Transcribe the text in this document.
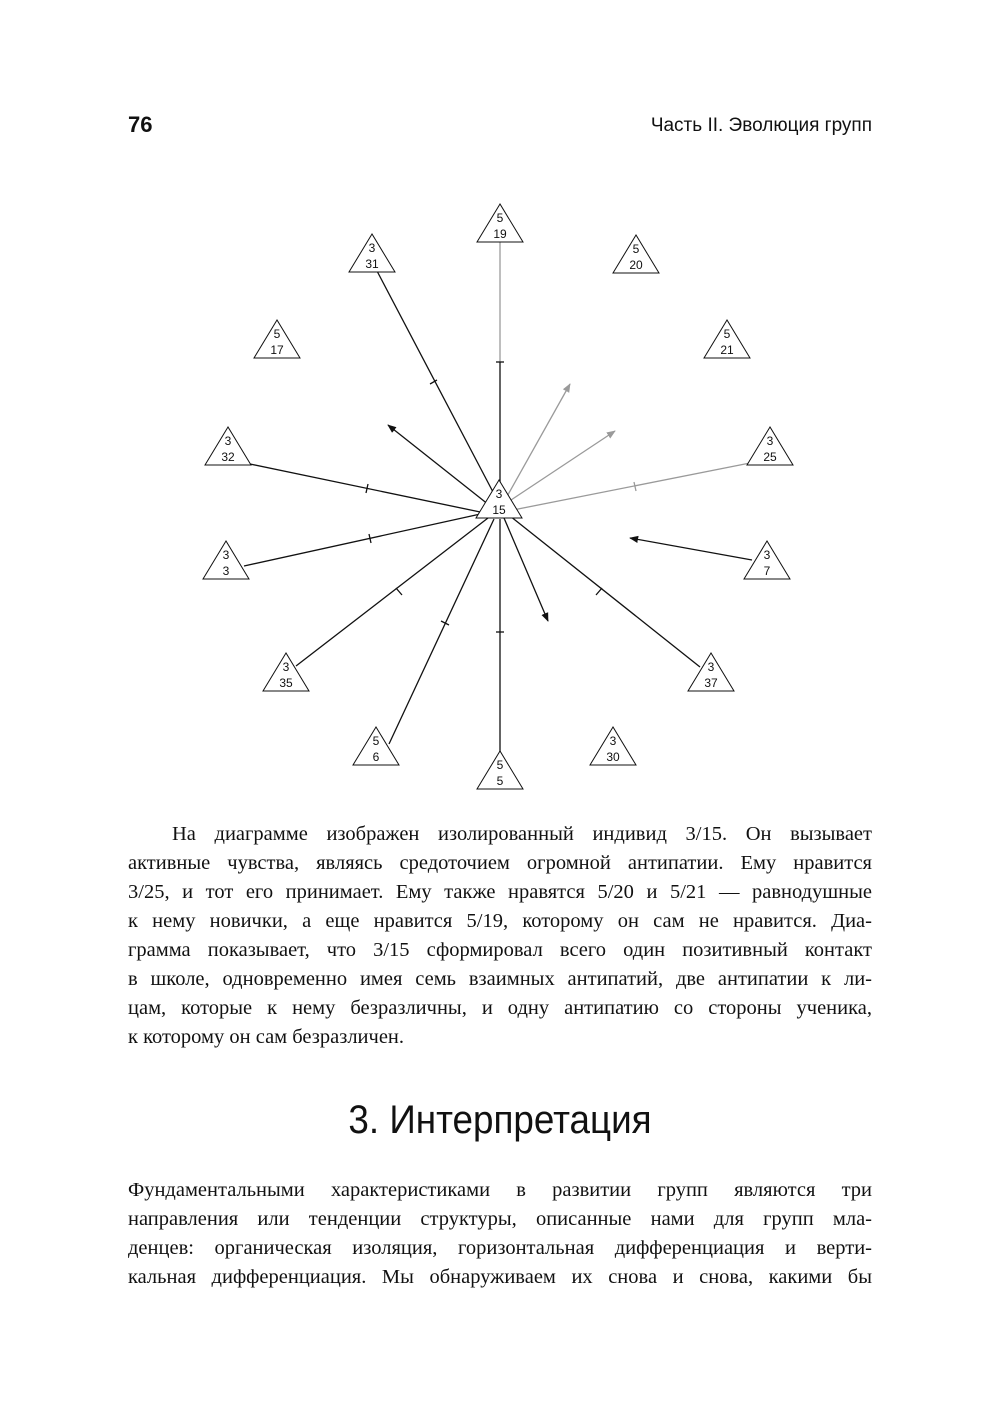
76	Часть II. Эволюция групп
5
19
3
31
5
20
5
17
5
21
3
32
3
25
3
15
3
3
3
7
3
35
3
37
5
6
3
30
5
5
На диаграмме изображен изолированный индивид 3/15. Он вызывает
активные чувства, являясь средоточием огромной антипатии. Ему нравится
3/25, и тот его принимает. Ему также нравятся 5/20 и 5/21 — равнодушные
к нему новички, а еще нравится 5/19, которому он сам не нравится. Диа-
грамма показывает, что 3/15 сформировал всего один позитивный контакт
в школе, одновременно имея семь взаимных антипатий, две антипатии к ли-
цам, которые к нему безразличны, и одну антипатию со стороны ученика,
к которому он сам безразличен.
3. Интерпретация
Фундаментальными характеристиками в развитии групп являются три
направления или тенденции структуры, описанные нами для групп мла-
денцев: органическая изоляция, горизонтальная дифференциация и верти-
кальная дифференциация. Мы обнаруживаем их снова и снова, какими бы
